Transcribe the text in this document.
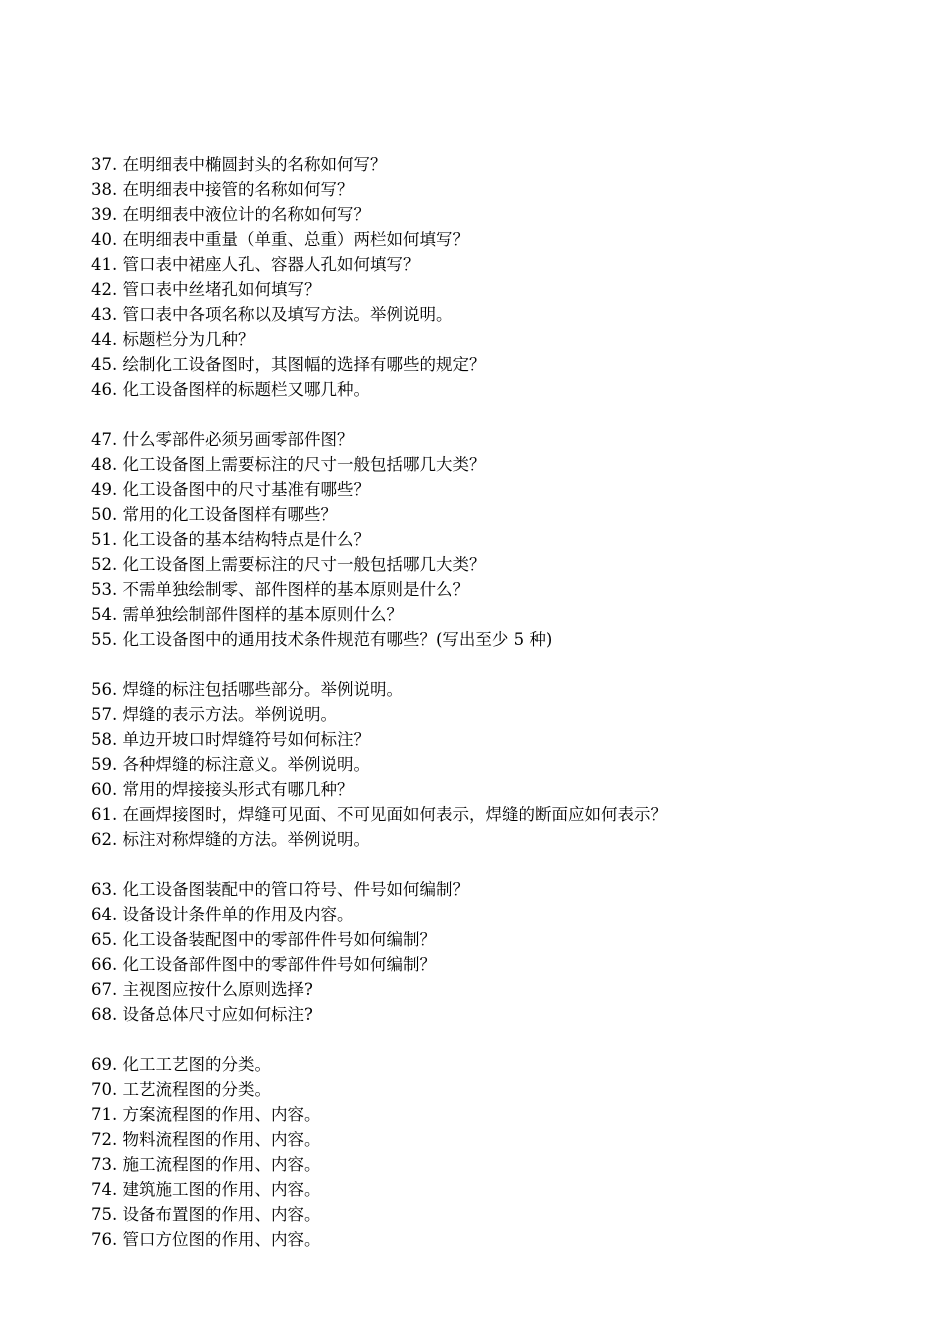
37. 在明细表中椭圆封头的名称如何写？
38. 在明细表中接管的名称如何写？
39. 在明细表中液位计的名称如何写？
40. 在明细表中重量（单重、总重）两栏如何填写？
41. 管口表中裙座人孔、容器人孔如何填写？
42. 管口表中丝堵孔如何填写？
43. 管口表中各项名称以及填写方法。举例说明。
44. 标题栏分为几种？
45. 绘制化工设备图时，其图幅的选择有哪些的规定？
46. 化工设备图样的标题栏又哪几种。
47. 什么零部件必须另画零部件图？
48. 化工设备图上需要标注的尺寸一般包括哪几大类？
49. 化工设备图中的尺寸基准有哪些？
50. 常用的化工设备图样有哪些？
51. 化工设备的基本结构特点是什么？
52. 化工设备图上需要标注的尺寸一般包括哪几大类？
53. 不需单独绘制零、部件图样的基本原则是什么？
54. 需单独绘制部件图样的基本原则什么？
55. 化工设备图中的通用技术条件规范有哪些？(写出至少 5 种)
56. 焊缝的标注包括哪些部分。举例说明。
57. 焊缝的表示方法。举例说明。
58. 单边开坡口时焊缝符号如何标注？
59. 各种焊缝的标注意义。举例说明。
60. 常用的焊接接头形式有哪几种？
61. 在画焊接图时，焊缝可见面、不可见面如何表示，焊缝的断面应如何表示？
62. 标注对称焊缝的方法。举例说明。
63. 化工设备图装配中的管口符号、件号如何编制？
64. 设备设计条件单的作用及内容。
65. 化工设备装配图中的零部件件号如何编制？
66. 化工设备部件图中的零部件件号如何编制？
67. 主视图应按什么原则选择?
68. 设备总体尺寸应如何标注?
69. 化工工艺图的分类。
70. 工艺流程图的分类。
71. 方案流程图的作用、内容。
72. 物料流程图的作用、内容。
73. 施工流程图的作用、内容。
74. 建筑施工图的作用、内容。
75. 设备布置图的作用、内容。
76. 管口方位图的作用、内容。
